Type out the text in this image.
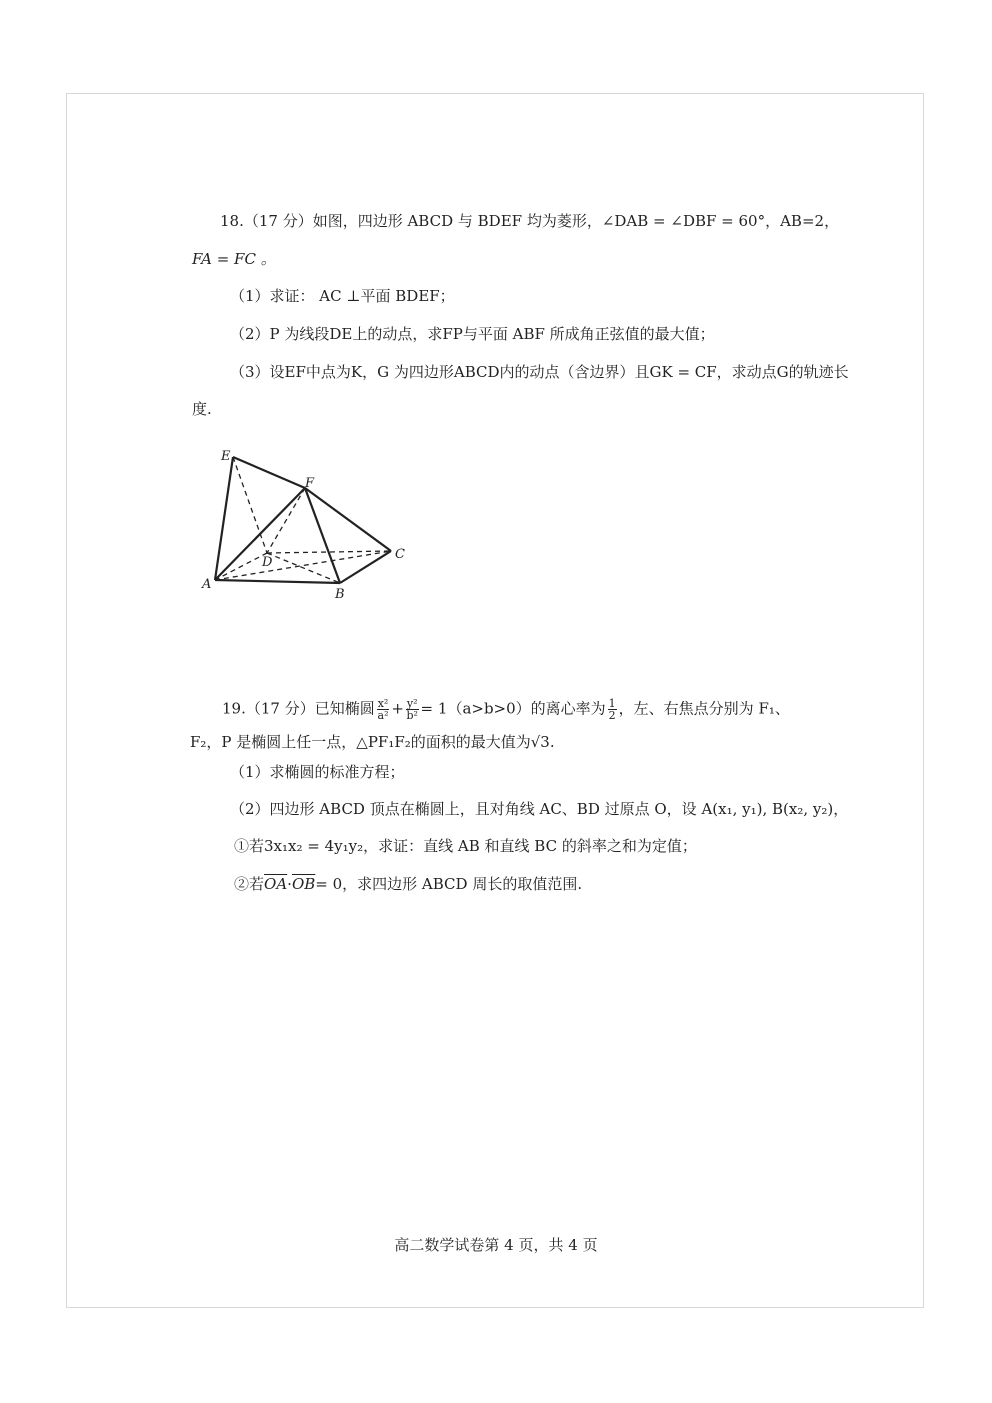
18.（17 分）如图，四边形 ABCD 与 BDEF 均为菱形，∠DAB = ∠DBF = 60°，AB=2，
FA = FC 。
（1）求证： AC ⊥平面 BDEF；
（2）P 为线段DE上的动点，求FP与平面 ABF 所成角正弦值的最大值；
（3）设EF中点为K，G 为四边形ABCD内的动点（含边界）且GK = CF，求动点G的轨迹长
度.
E
F
D
C
A
B
19.（17 分）已知椭圆 $\frac{\text{x²}}{\text{a²}} + \frac{\text{y²}}{\text{b²}} = 1(a>b>0)$的离心率为 $\frac{1}{2}$ ，左、右焦点分别为 F₁、
F₂，P 是椭圆上任一点，△PF₁F₂的面积的最大值为√3.
（1）求椭圆的标准方程；
（2）四边形 ABCD 顶点在椭圆上，且对角线 AC、BD 过原点 O，设 A(x₁, y₁), B(x₂, y₂)，
①若3x₁x₂ = 4y₁y₂，求证：直线 AB 和直线 BC 的斜率之和为定值；
②若$\overline{OA}\cdot\overline{OB}= 0$，求四边形 ABCD 周长的取值范围.
高二数学试卷第 4 页，共 4 页
